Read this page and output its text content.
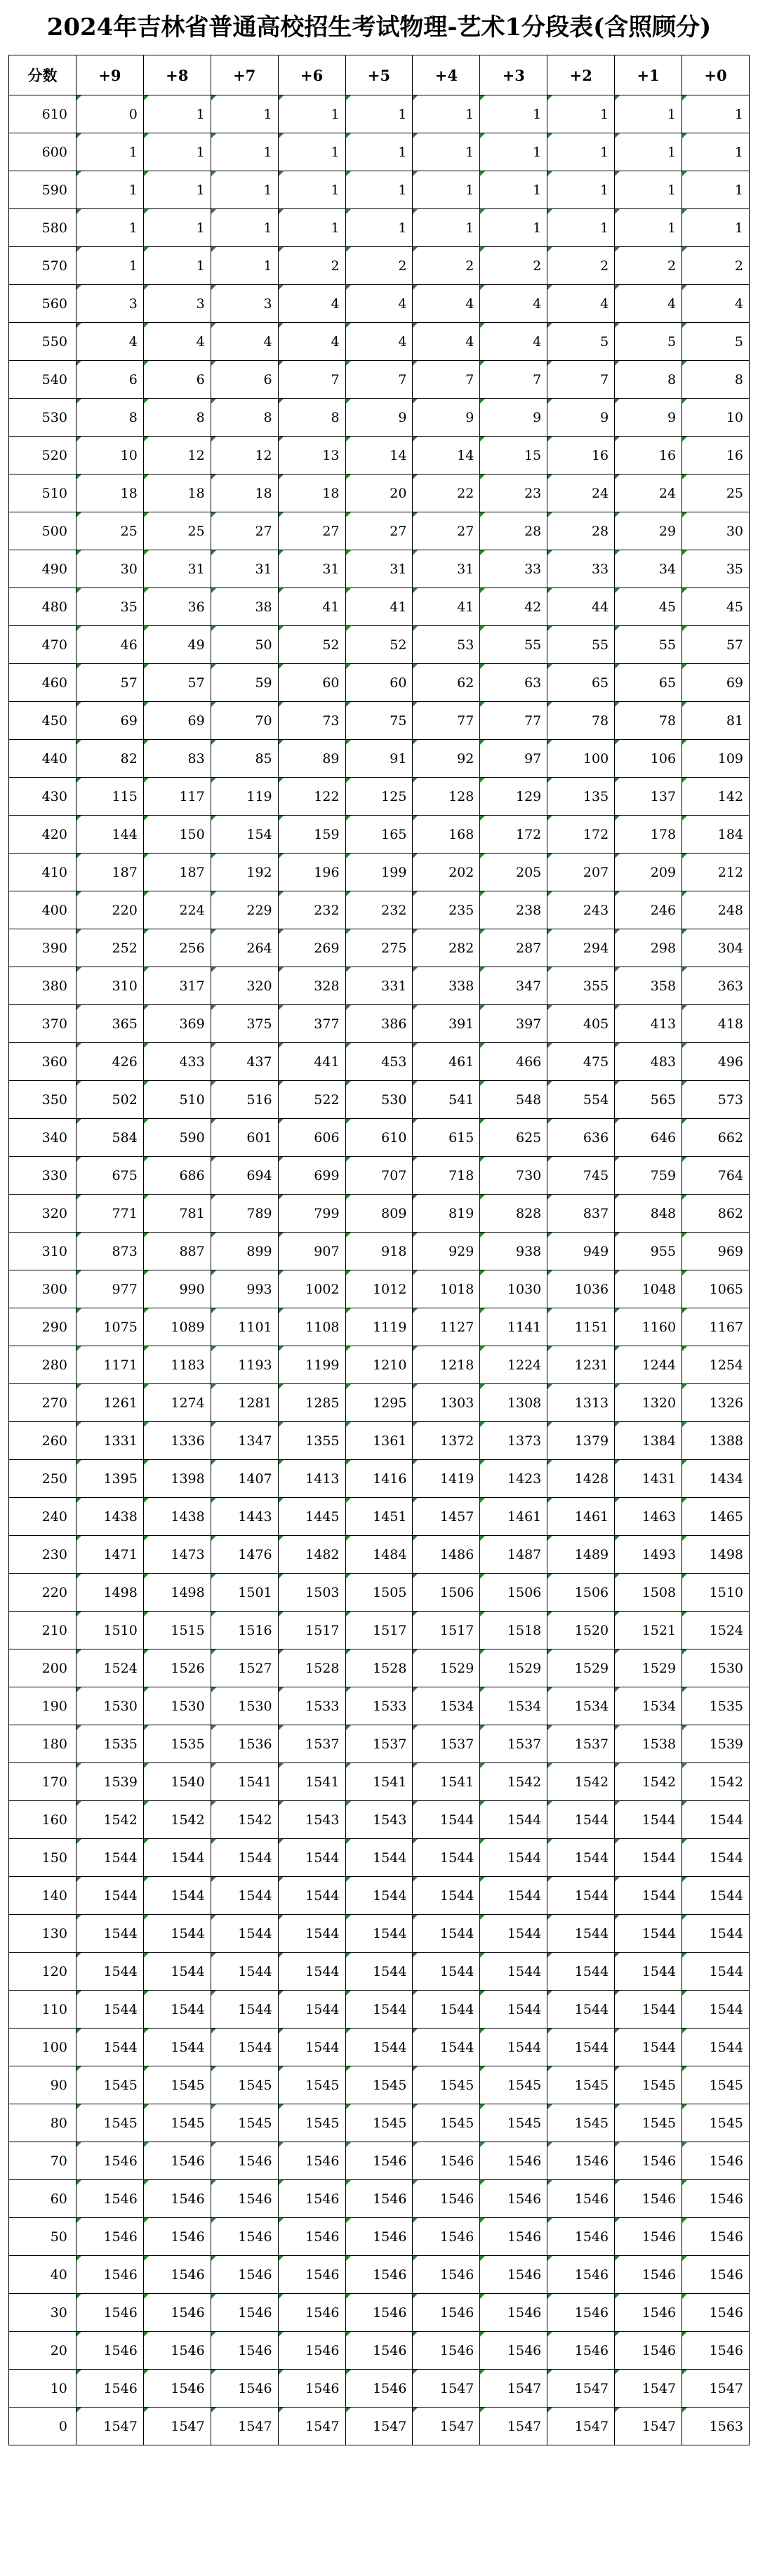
2024年吉林省普通高校招生考试物理-艺术1分段表(含照顾分)
分数	+9	+8	+7	+6	+5	+4	+3	+2	+1	+0
610	0	1	1	1	1	1	1	1	1	1
600	1	1	1	1	1	1	1	1	1	1
590	1	1	1	1	1	1	1	1	1	1
580	1	1	1	1	1	1	1	1	1	1
570	1	1	1	2	2	2	2	2	2	2
560	3	3	3	4	4	4	4	4	4	4
550	4	4	4	4	4	4	4	5	5	5
540	6	6	6	7	7	7	7	7	8	8
530	8	8	8	8	9	9	9	9	9	10
520	10	12	12	13	14	14	15	16	16	16
510	18	18	18	18	20	22	23	24	24	25
500	25	25	27	27	27	27	28	28	29	30
490	30	31	31	31	31	31	33	33	34	35
480	35	36	38	41	41	41	42	44	45	45
470	46	49	50	52	52	53	55	55	55	57
460	57	57	59	60	60	62	63	65	65	69
450	69	69	70	73	75	77	77	78	78	81
440	82	83	85	89	91	92	97	100	106	109
430	115	117	119	122	125	128	129	135	137	142
420	144	150	154	159	165	168	172	172	178	184
410	187	187	192	196	199	202	205	207	209	212
400	220	224	229	232	232	235	238	243	246	248
390	252	256	264	269	275	282	287	294	298	304
380	310	317	320	328	331	338	347	355	358	363
370	365	369	375	377	386	391	397	405	413	418
360	426	433	437	441	453	461	466	475	483	496
350	502	510	516	522	530	541	548	554	565	573
340	584	590	601	606	610	615	625	636	646	662
330	675	686	694	699	707	718	730	745	759	764
320	771	781	789	799	809	819	828	837	848	862
310	873	887	899	907	918	929	938	949	955	969
300	977	990	993	1002	1012	1018	1030	1036	1048	1065
290	1075	1089	1101	1108	1119	1127	1141	1151	1160	1167
280	1171	1183	1193	1199	1210	1218	1224	1231	1244	1254
270	1261	1274	1281	1285	1295	1303	1308	1313	1320	1326
260	1331	1336	1347	1355	1361	1372	1373	1379	1384	1388
250	1395	1398	1407	1413	1416	1419	1423	1428	1431	1434
240	1438	1438	1443	1445	1451	1457	1461	1461	1463	1465
230	1471	1473	1476	1482	1484	1486	1487	1489	1493	1498
220	1498	1498	1501	1503	1505	1506	1506	1506	1508	1510
210	1510	1515	1516	1517	1517	1517	1518	1520	1521	1524
200	1524	1526	1527	1528	1528	1529	1529	1529	1529	1530
190	1530	1530	1530	1533	1533	1534	1534	1534	1534	1535
180	1535	1535	1536	1537	1537	1537	1537	1537	1538	1539
170	1539	1540	1541	1541	1541	1541	1542	1542	1542	1542
160	1542	1542	1542	1543	1543	1544	1544	1544	1544	1544
150	1544	1544	1544	1544	1544	1544	1544	1544	1544	1544
140	1544	1544	1544	1544	1544	1544	1544	1544	1544	1544
130	1544	1544	1544	1544	1544	1544	1544	1544	1544	1544
120	1544	1544	1544	1544	1544	1544	1544	1544	1544	1544
110	1544	1544	1544	1544	1544	1544	1544	1544	1544	1544
100	1544	1544	1544	1544	1544	1544	1544	1544	1544	1544
90	1545	1545	1545	1545	1545	1545	1545	1545	1545	1545
80	1545	1545	1545	1545	1545	1545	1545	1545	1545	1545
70	1546	1546	1546	1546	1546	1546	1546	1546	1546	1546
60	1546	1546	1546	1546	1546	1546	1546	1546	1546	1546
50	1546	1546	1546	1546	1546	1546	1546	1546	1546	1546
40	1546	1546	1546	1546	1546	1546	1546	1546	1546	1546
30	1546	1546	1546	1546	1546	1546	1546	1546	1546	1546
20	1546	1546	1546	1546	1546	1546	1546	1546	1546	1546
10	1546	1546	1546	1546	1546	1547	1547	1547	1547	1547
0	1547	1547	1547	1547	1547	1547	1547	1547	1547	1563
